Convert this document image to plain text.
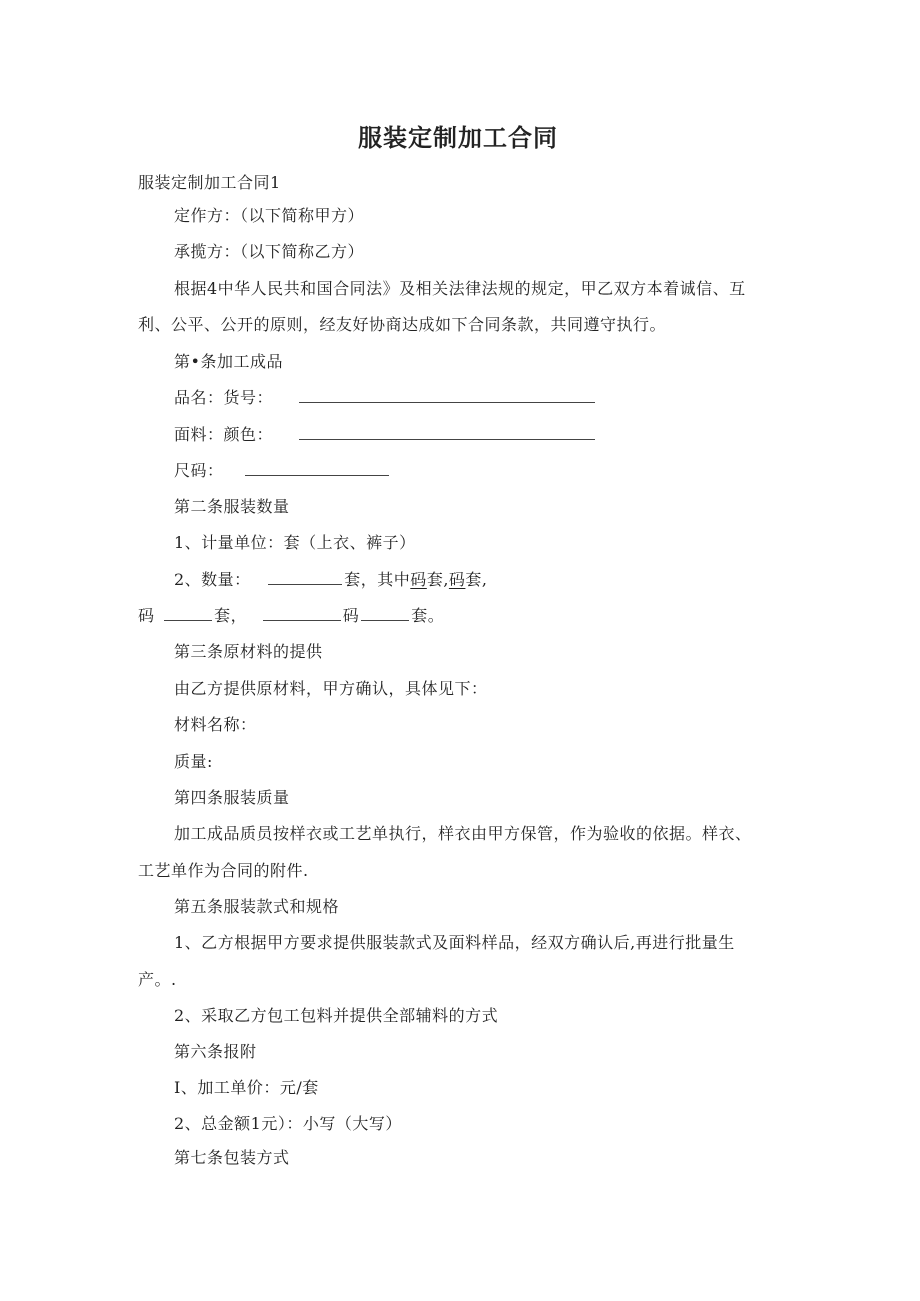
服装定制加工合同
服装定制加工合同1
定作方：（以下简称甲方）
承揽方：（以下简称乙方）
根据4中华人民共和国合同法》及相关法律法规的规定，甲乙双方本着诚信、互
利、公平、公开的原则，经友好协商达成如下合同条款，共同遵守执行。
第•条加工成品
品名：货号：
面料：颜色：
尺码：
第二条服装数量
1、计量单位：套（上衣、裤子）
2、数量：	套，其中码套,码套,
码	套，	码	套。
第三条原材料的提供
由乙方提供原材料，甲方确认，具体见下：
材料名称：
质量:
第四条服装质量
加工成品质员按样衣或工艺单执行，样衣由甲方保管，作为验收的依据。样衣、
工艺单作为合同的附件.
第五条服装款式和规格
1、乙方根据甲方要求提供服装款式及面料样品，经双方确认后,再进行批量生
产。.
2、采取乙方包工包料并提供全部辅料的方式
第六条报附
I、加工单价：元/套
2、总金额1元）：小写（大写）
第七条包装方式
